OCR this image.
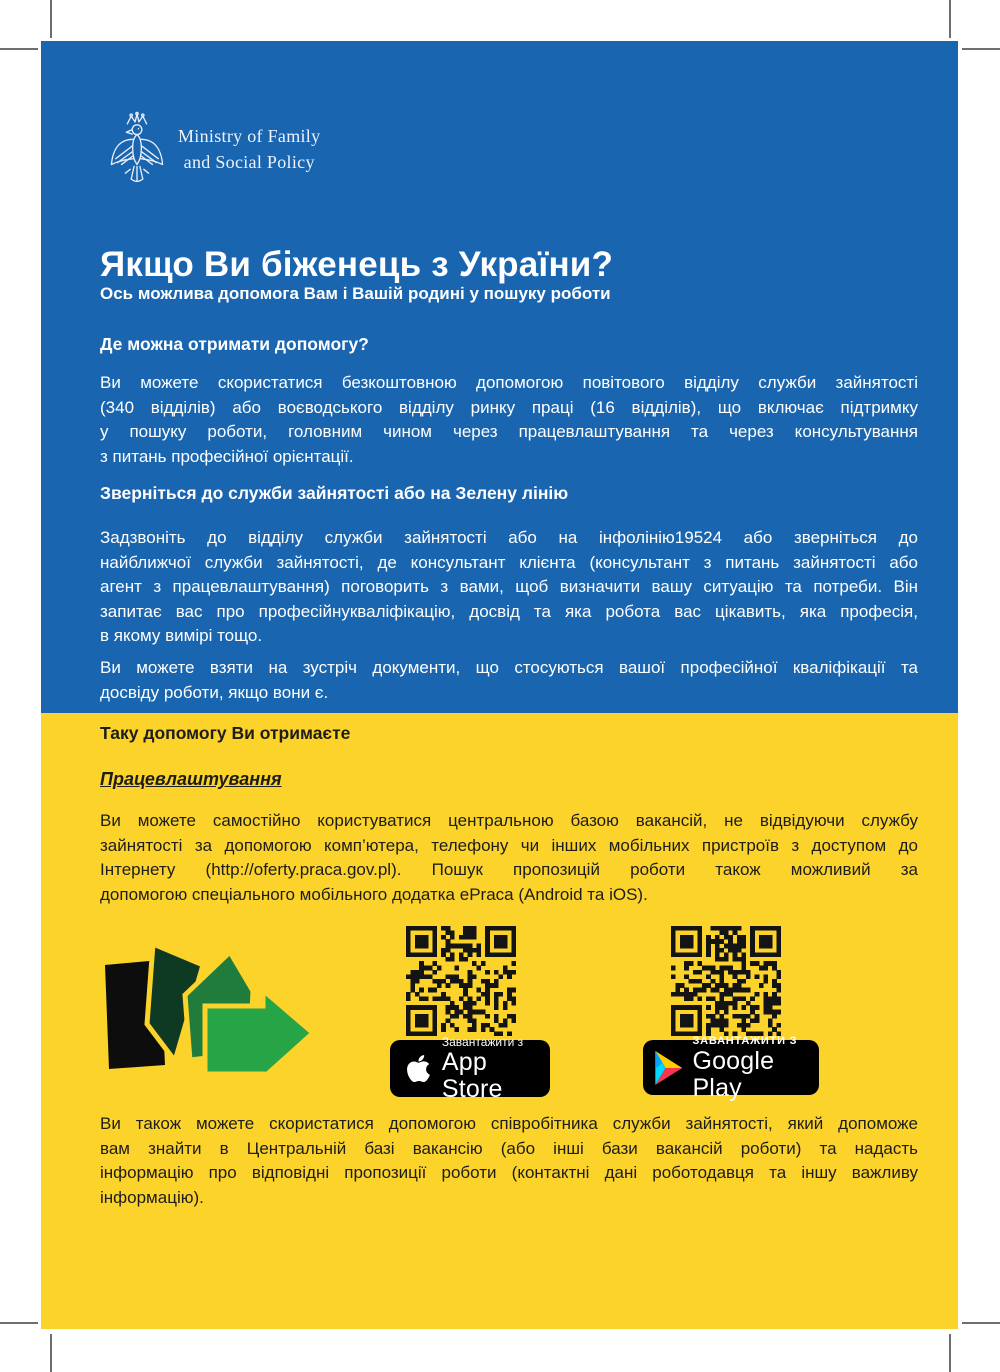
Ministry of Family
and Social Policy
Якщо Ви біженець з України?
Ось можлива допомога Вам і Вашій родині у пошуку роботи
Де можна отримати допомогу?
Ви можете скористатися безкоштовною допомогою повітового відділу служби зайнятості
(340 відділів) або воєводського відділу ринку праці (16 відділів), що включає підтримку
у пошуку роботи, головним чином через працевлаштування та через консультування
з питань професійної орієнтації.
Зверніться до служби зайнятості або на Зелену лінію
Задзвоніть до відділу служби зайнятості або на інфолінію19524 або зверніться до
найближчої служби зайнятості, де консультант клієнта (консультант з питань зайнятості або
агент з працевлаштування) поговорить з вами, щоб визначити вашу ситуацію та потреби. Він
запитає вас про професійнукваліфікацію, досвід та яка робота вас цікавить, яка професія,
в якому вимірі тощо.
Ви можете взяти на зустріч документи, що стосуються вашої професійної кваліфікації та
досвіду роботи, якщо вони є.
Таку допомогу Ви отримаєте
Працевлаштування
Ви можете самостійно користуватися центральною базою вакансій, не відвідуючи службу
зайнятості за допомогою комп’ютера, телефону чи інших мобільних пристроїв з доступом до
Інтернету (http://oferty.praca.gov.pl). Пошук пропозицій роботи також можливий за
допомогою спеціального мобільного додатка ePraca (Android та iOS).
Завантажити з
App Store
ЗАВАНТАЖИТИ З
Google Play
Ви також можете скористатися допомогою співробітника служби зайнятості, який допоможе
вам знайти в Центральній базі вакансію (або інші бази вакансій роботи) та надасть
інформацію про відповідні пропозиції роботи (контактні дані роботодавця та іншу важливу
інформацію).
